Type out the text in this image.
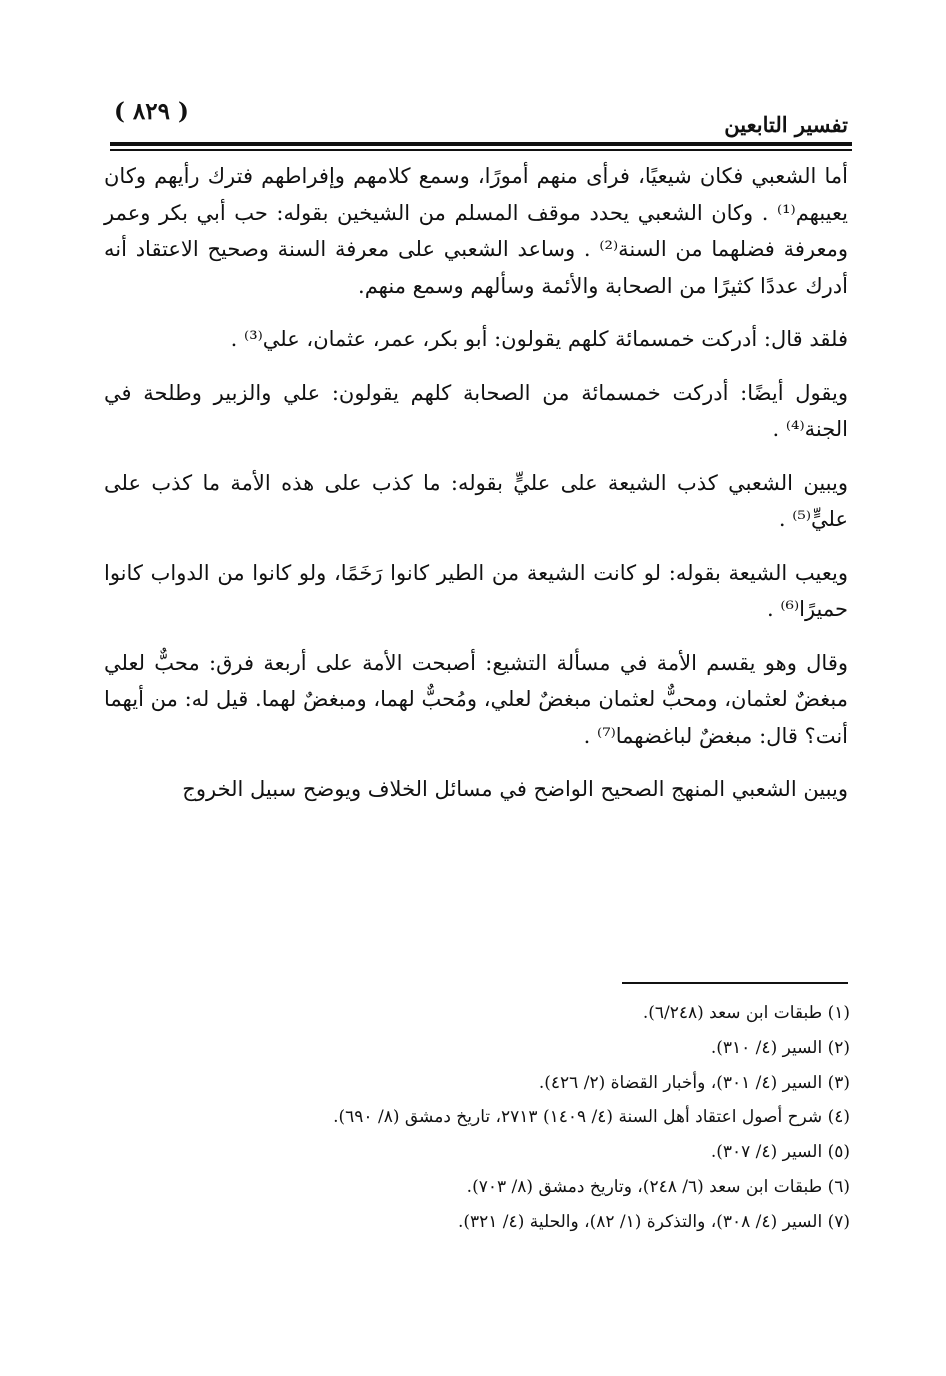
( ٨٢٩ )	تفسير التابعين

أما الشعبي فكان شيعيًا، فرأى منهم أمورًا، وسمع كلامهم وإفراطهم فترك رأيهم وكان يعيبهم⁽¹⁾ . وكان الشعبي يحدد موقف المسلم من الشيخين بقوله: حب أبي بكر وعمر ومعرفة فضلهما من السنة⁽²⁾ . وساعد الشعبي على معرفة السنة وصحيح الاعتقاد أنه أدرك عددًا كثيرًا من الصحابة والأئمة وسألهم وسمع منهم.

فلقد قال: أدركت خمسمائة كلهم يقولون: أبو بكر، عمر، عثمان، علي⁽³⁾ .

ويقول أيضًا: أدركت خمسمائة من الصحابة كلهم يقولون: علي والزبير وطلحة في الجنة⁽⁴⁾ .

ويبين الشعبي كذب الشيعة على عليٍّ بقوله: ما كذب على هذه الأمة ما كذب على عليٍّ⁽⁵⁾ .

ويعيب الشيعة بقوله: لو كانت الشيعة من الطير كانوا رَخَمًا، ولو كانوا من الدواب كانوا حميرًا⁽⁶⁾ .

وقال وهو يقسم الأمة في مسألة التشيع: أصبحت الأمة على أربعة فرق: محبٌّ لعلي مبغضٌ لعثمان، ومحبٌّ لعثمان مبغضٌ لعلي، ومُحبٌّ لهما، ومبغضٌ لهما. قيل له: من أيهما أنت؟ قال: مبغضٌ لباغضهما⁽⁷⁾ .

ويبين الشعبي المنهج الصحيح الواضح في مسائل الخلاف ويوضح سبيل الخروج

(١) طبقات ابن سعد (٦/٢٤٨).
(٢) السير (٤/ ٣١٠).
(٣) السير (٤/ ٣٠١)، وأخبار القضاة (٢/ ٤٢٦).
(٤) شرح أصول اعتقاد أهل السنة (٤/ ١٤٠٩) ٢٧١٣، تاريخ دمشق (٨/ ٦٩٠).
(٥) السير (٤/ ٣٠٧).
(٦) طبقات ابن سعد (٦/ ٢٤٨)، وتاريخ دمشق (٨/ ٧٠٣).
(٧) السير (٤/ ٣٠٨)، والتذكرة (١/ ٨٢)، والحلية (٤/ ٣٢١).
